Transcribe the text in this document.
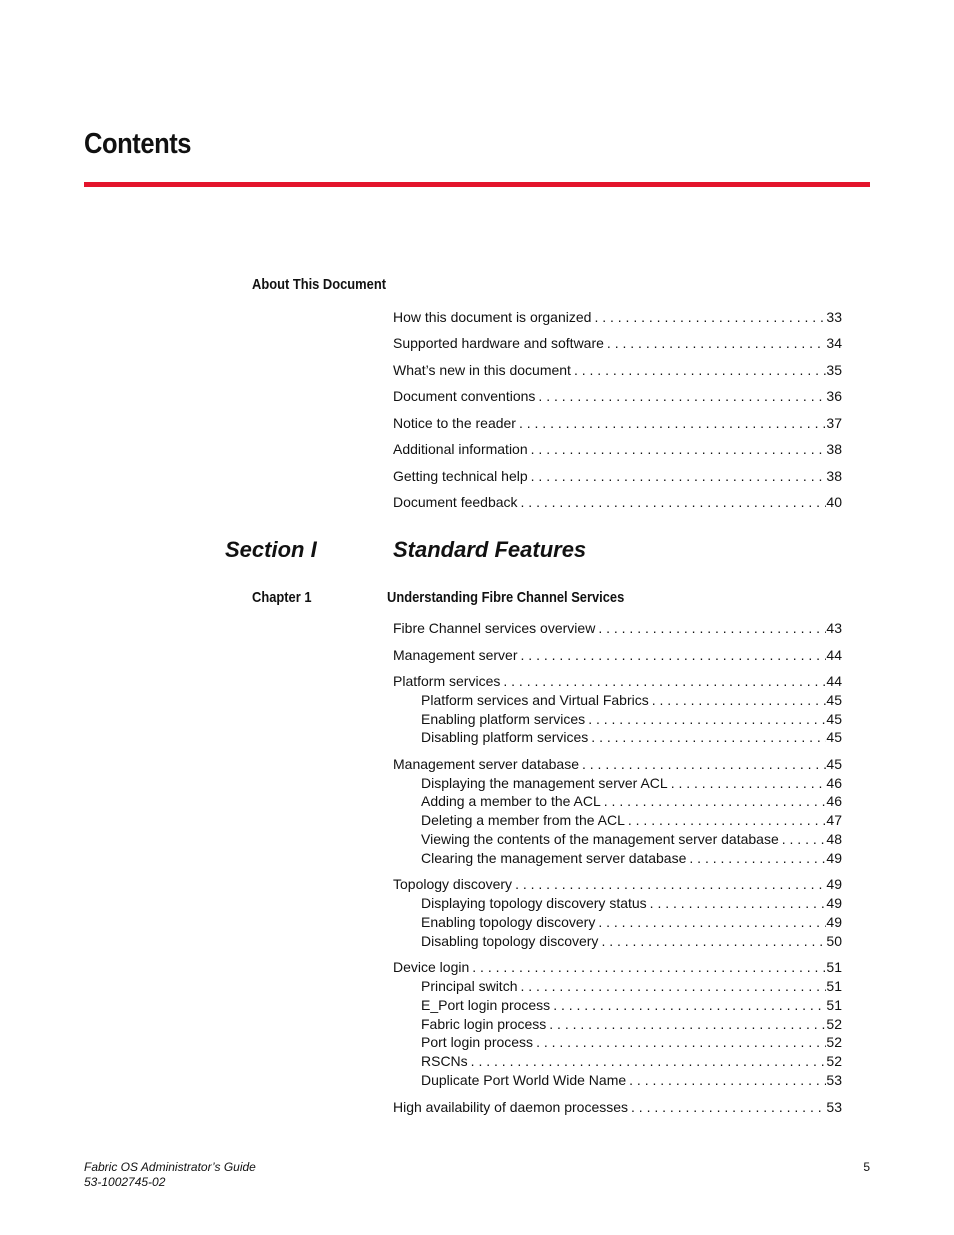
Contents
About This Document
How this document is organized . . .	33
Supported hardware and software . . .	34
What’s new in this document . . .	35
Document conventions . . .	36
Notice to the reader . . .	37
Additional information . . .	38
Getting technical help . . .	38
Document feedback . . .	40
Section I	Standard Features
Chapter 1	Understanding Fibre Channel Services
Fibre Channel services overview . . .	43
Management server . . .	44
Platform services . . .	44
Platform services and Virtual Fabrics . . .	45
Enabling platform services . . .	45
Disabling platform services . . .	45
Management server database . . .	45
Displaying the management server ACL . . .	46
Adding a member to the ACL . . .	46
Deleting a member from the ACL . . .	47
Viewing the contents of the management server database . . .	48
Clearing the management server database . . .	49
Topology discovery . . .	49
Displaying topology discovery status . . .	49
Enabling topology discovery . . .	49
Disabling topology discovery . . .	50
Device login . . .	51
Principal switch . . .	51
E_Port login process . . .	51
Fabric login process . . .	52
Port login process . . .	52
RSCNs . . .	52
Duplicate Port World Wide Name . . .	53
High availability of daemon processes . . .	53
Fabric OS Administrator’s Guide
53-1002745-02
5
